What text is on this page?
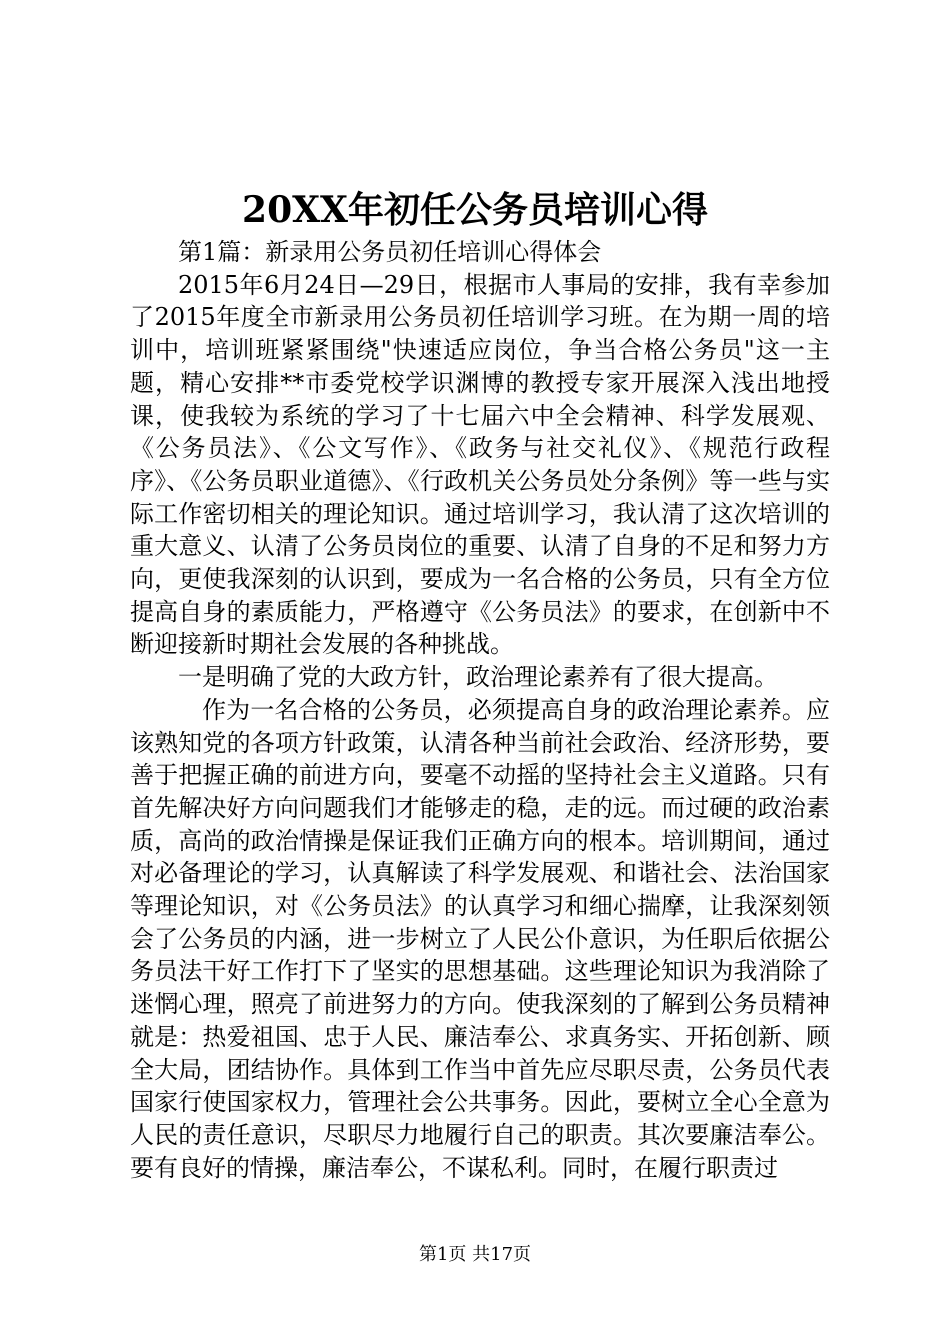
20XX年初任公务员培训心得

第1篇：新录用公务员初任培训心得体会

2015年6月24日—29日，根据市人事局的安排，我有幸参加了2015年度全市新录用公务员初任培训学习班。在为期一周的培训中，培训班紧紧围绕"快速适应岗位，争当合格公务员"这一主题，精心安排**市委党校学识渊博的教授专家开展深入浅出地授课，使我较为系统的学习了十七届六中全会精神、科学发展观、《公务员法》、《公文写作》、《政务与社交礼仪》、《规范行政程序》、《公务员职业道德》、《行政机关公务员处分条例》等一些与实际工作密切相关的理论知识。通过培训学习，我认清了这次培训的重大意义、认清了公务员岗位的重要、认清了自身的不足和努力方向，更使我深刻的认识到，要成为一名合格的公务员，只有全方位提高自身的素质能力，严格遵守《公务员法》的要求，在创新中不断迎接新时期社会发展的各种挑战。

一是明确了党的大政方针，政治理论素养有了很大提高。

作为一名合格的公务员，必须提高自身的政治理论素养。应该熟知党的各项方针政策，认清各种当前社会政治、经济形势，要善于把握正确的前进方向，要毫不动摇的坚持社会主义道路。只有首先解决好方向问题我们才能够走的稳，走的远。而过硬的政治素质，高尚的政治情操是保证我们正确方向的根本。培训期间，通过对必备理论的学习，认真解读了科学发展观、和谐社会、法治国家等理论知识，对《公务员法》的认真学习和细心揣摩，让我深刻领会了公务员的内涵，进一步树立了人民公仆意识，为任职后依据公务员法干好工作打下了坚实的思想基础。这些理论知识为我消除了迷惘心理，照亮了前进努力的方向。使我深刻的了解到公务员精神就是：热爱祖国、忠于人民、廉洁奉公、求真务实、开拓创新、顾全大局，团结协作。具体到工作当中首先应尽职尽责，公务员代表国家行使国家权力，管理社会公共事务。因此，要树立全心全意为人民的责任意识，尽职尽力地履行自己的职责。其次要廉洁奉公。要有良好的情操，廉洁奉公，不谋私利。同时，在履行职责过

第1页 共17页
